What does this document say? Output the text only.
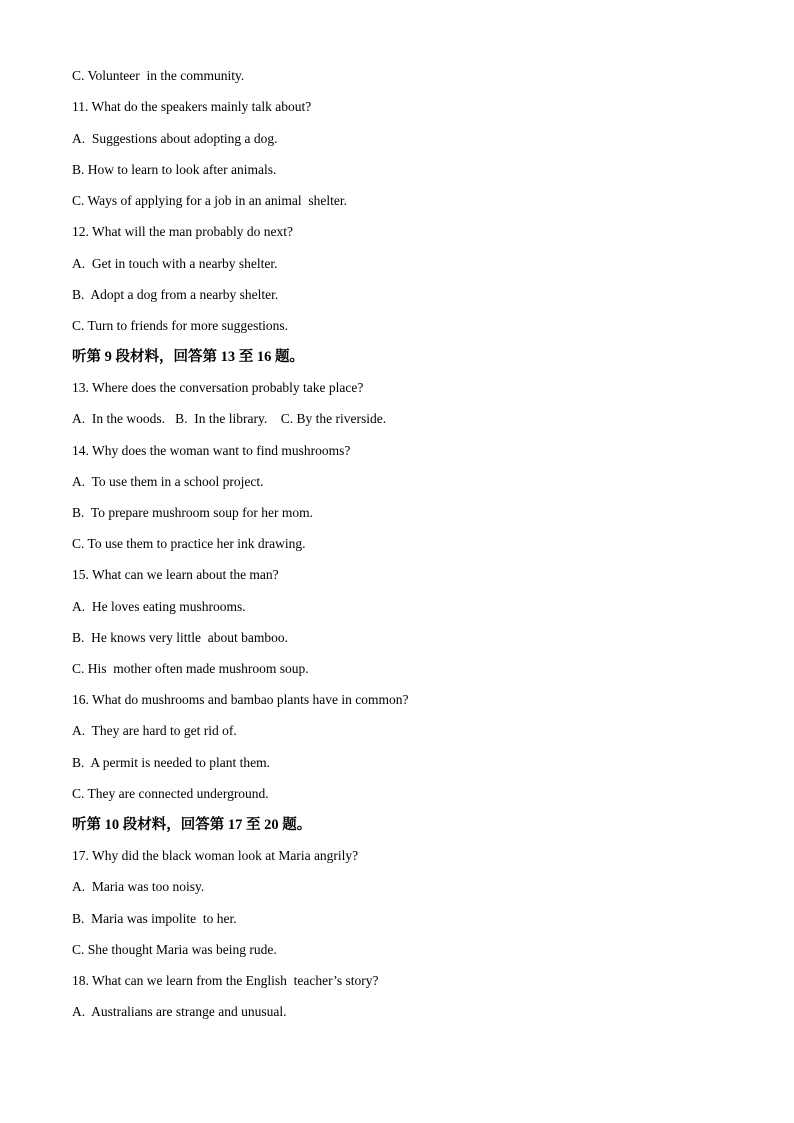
C. Volunteer  in the community.
11. What do the speakers mainly talk about?
A.  Suggestions about adopting a dog.
B. How to learn to look after animals.
C. Ways of applying for a job in an animal  shelter.
12. What will the man probably do next?
A.  Get in touch with a nearby shelter.
B.  Adopt a dog from a nearby shelter.
C. Turn to friends for more suggestions.
听第 9 段材料，回答第 13 至 16 题。
13. Where does the conversation probably take place?
A.  In the woods.   B.  In the library.    C. By the riverside.
14. Why does the woman want to find mushrooms?
A.  To use them in a school project.
B.  To prepare mushroom soup for her mom.
C. To use them to practice her ink drawing.
15. What can we learn about the man?
A.  He loves eating mushrooms.
B.  He knows very little  about bamboo.
C. His  mother often made mushroom soup.
16. What do mushrooms and bambao plants have in common?
A.  They are hard to get rid of.
B.  A permit is needed to plant them.
C. They are connected underground.
听第 10 段材料，回答第 17 至 20 题。
17. Why did the black woman look at Maria angrily?
A.  Maria was too noisy.
B.  Maria was impolite  to her.
C. She thought Maria was being rude.
18. What can we learn from the English  teacher’s story?
A.  Australians are strange and unusual.
